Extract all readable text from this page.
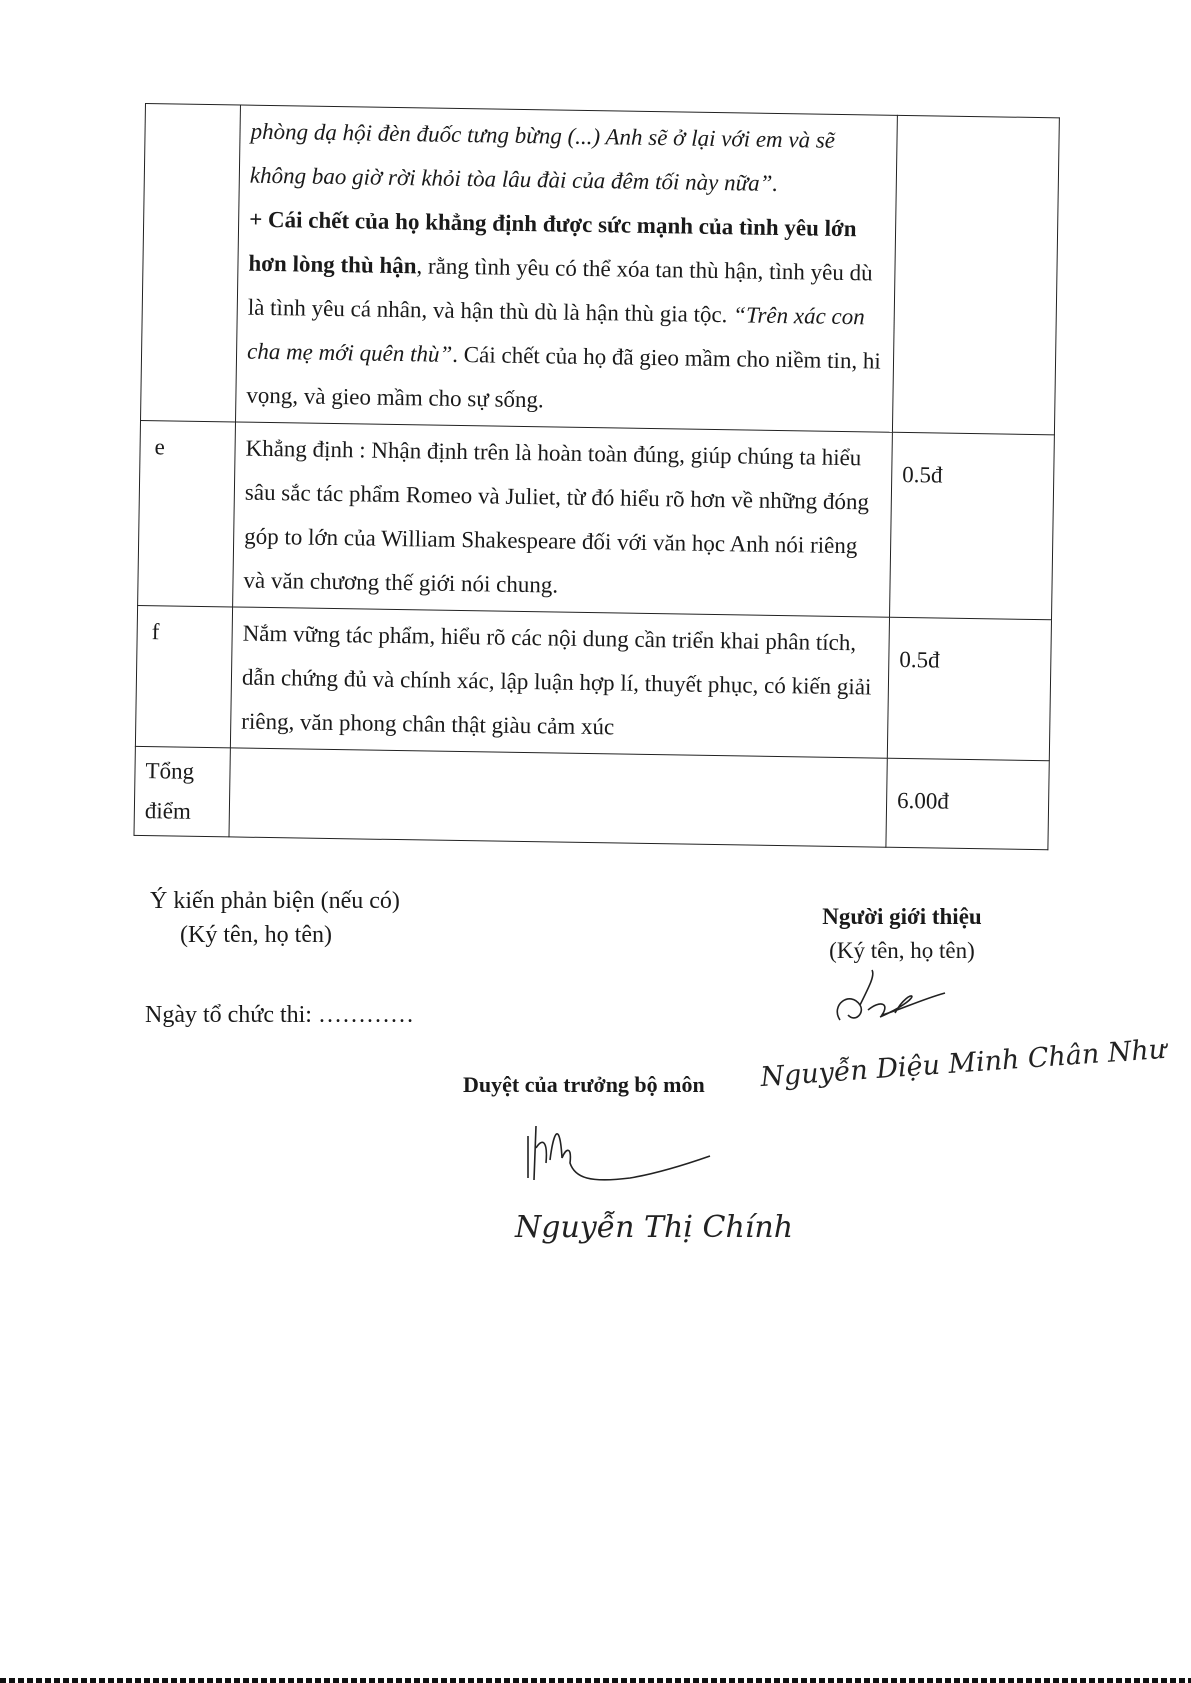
	phòng dạ hội đèn đuốc tưng bừng (...) Anh sẽ ở lại với em và sẽ không bao giờ rời khỏi tòa lâu đài của đêm tối này nữa”.
+ Cái chết của họ khẳng định được sức mạnh của tình yêu lớn hơn lòng thù hận, rằng tình yêu có thể xóa tan thù hận, tình yêu dù là tình yêu cá nhân, và hận thù dù là hận thù gia tộc. “Trên xác con cha mẹ mới quên thù”. Cái chết của họ đã gieo mầm cho niềm tin, hi vọng, và gieo mầm cho sự sống.	
e	Khẳng định : Nhận định trên là hoàn toàn đúng, giúp chúng ta hiểu sâu sắc tác phẩm Romeo và Juliet, từ đó hiểu rõ hơn về những đóng góp to lớn của William Shakespeare đối với văn học Anh nói riêng và văn chương thế giới nói chung.	0.5đ
f	Nắm vững tác phẩm, hiểu rõ các nội dung cần triển khai phân tích, dẫn chứng đủ và chính xác, lập luận hợp lí, thuyết phục, có kiến giải riêng, văn phong chân thật giàu cảm xúc	0.5đ
Tổng điểm		6.00đ
Ý kiến phản biện (nếu có)
(Ký tên, họ tên)
Ngày tổ chức thi: …………
Duyệt của trưởng bộ môn
Người giới thiệu
(Ký tên, họ tên)
Nguyễn Diệu Minh Chân Như
Nguyễn Thị Chính
